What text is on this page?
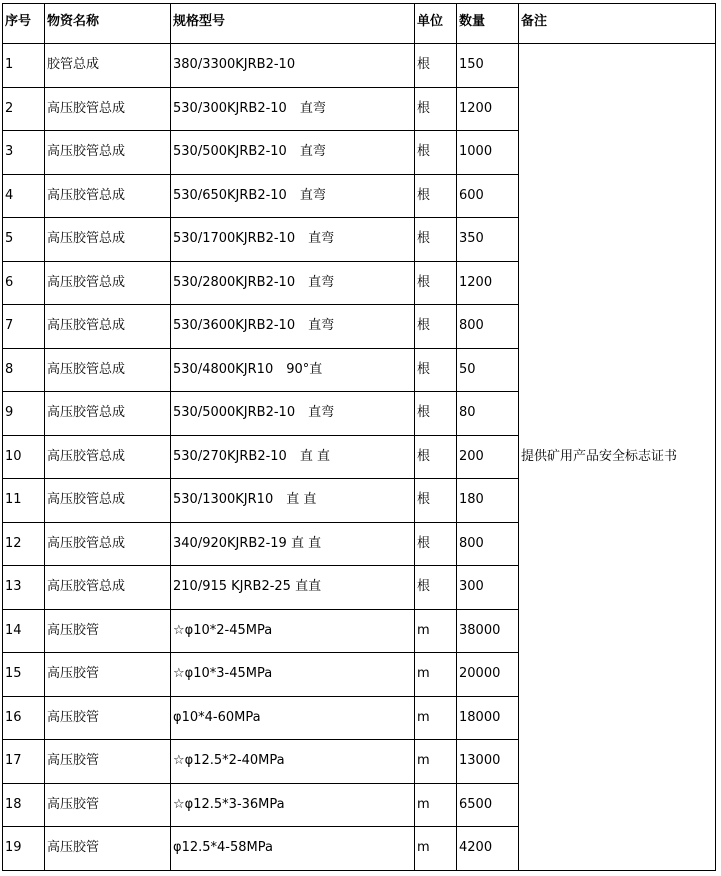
序号	物资名称	规格型号	单位	数量	备注
1	胶管总成	380/3300KJRB2-10	根	150	提供矿用产品安全标志证书
2	高压胶管总成	530/300KJRB2-10　直弯	根	1200	
3	高压胶管总成	530/500KJRB2-10　直弯	根	1000	
4	高压胶管总成	530/650KJRB2-10　直弯	根	600	
5	高压胶管总成	530/1700KJRB2-10　直弯	根	350	
6	高压胶管总成	530/2800KJRB2-10　直弯	根	1200	
7	高压胶管总成	530/3600KJRB2-10　直弯	根	800	
8	高压胶管总成	530/4800KJR10　90°直	根	50	
9	高压胶管总成	530/5000KJRB2-10　直弯	根	80	
10	高压胶管总成	530/270KJRB2-10　直 直	根	200	
11	高压胶管总成	530/1300KJR10　直 直	根	180	
12	高压胶管总成	340/920KJRB2-19 直 直	根	800	
13	高压胶管总成	210/915 KJRB2-25 直直	根	300	
14	高压胶管	☆φ10*2-45MPa	m	38000	
15	高压胶管	☆φ10*3-45MPa	m	20000	
16	高压胶管	φ10*4-60MPa	m	18000	
17	高压胶管	☆φ12.5*2-40MPa	m	13000	
18	高压胶管	☆φ12.5*3-36MPa	m	6500	
19	高压胶管	φ12.5*4-58MPa	m	4200	
